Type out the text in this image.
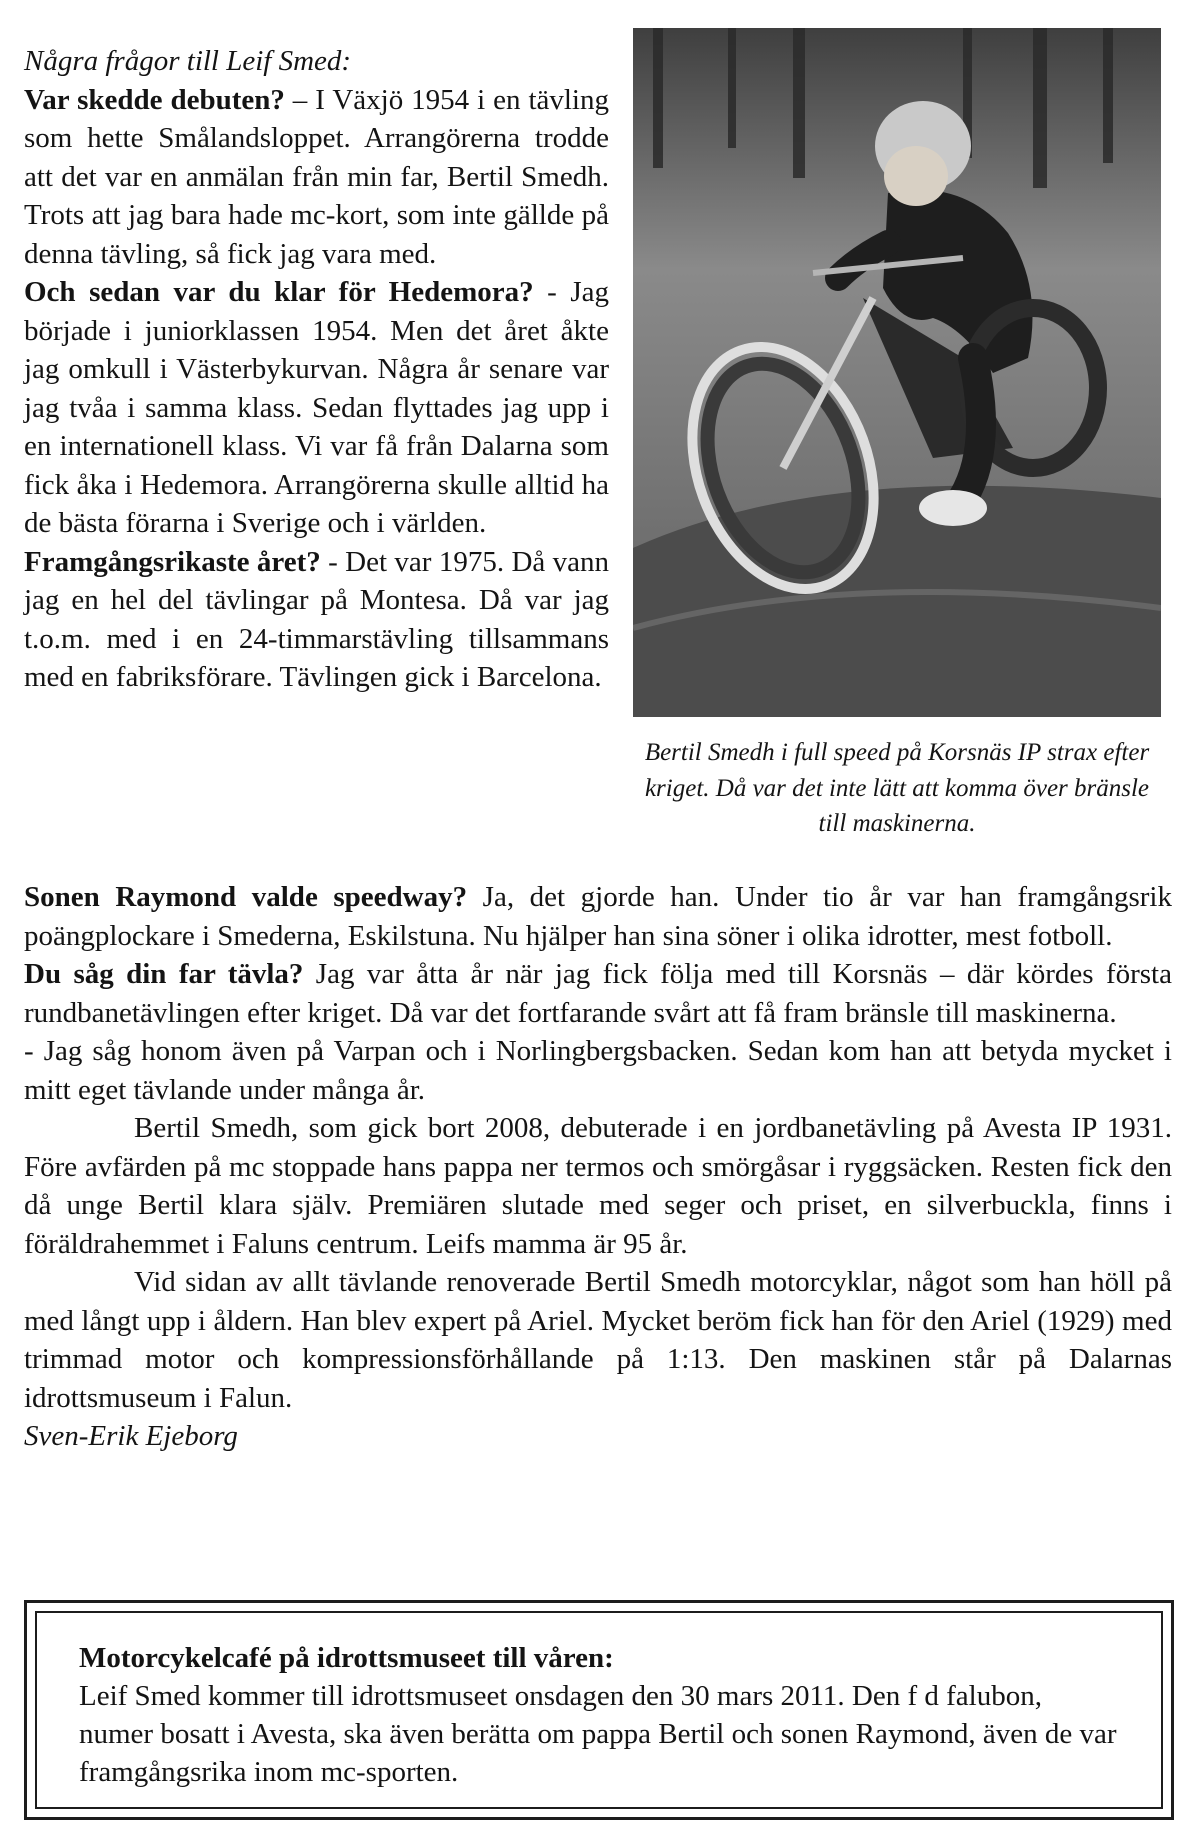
Några frågor till Leif Smed:

Var skedde debuten? – I Växjö 1954 i en tävling som hette Smålandsloppet. Arrangörerna trodde att det var en anmälan från min far, Bertil Smedh. Trots att jag bara hade mc-kort, som inte gällde på denna tävling, så fick jag vara med.

Och sedan var du klar för Hedemora? - Jag började i juniorklassen 1954. Men det året åkte jag omkull i Västerbykurvan. Några år senare var jag tvåa i samma klass. Sedan flyttades jag upp i en internationell klass. Vi var få från Dalarna som fick åka i Hedemora. Arrangörerna skulle alltid ha de bästa förarna i Sverige och i världen.

Framgångsrikaste året? - Det var 1975. Då vann jag en hel del tävlingar på Montesa. Då var jag t.o.m. med i en 24-timmarstävling tillsammans med en fabriksförare. Tävlingen gick i Barcelona.

Bertil Smedh i full speed på Korsnäs IP strax efter kriget. Då var det inte lätt att komma över bränsle till maskinerna.

Sonen Raymond valde speedway? Ja, det gjorde han. Under tio år var han framgångsrik poängplockare i Smederna, Eskilstuna. Nu hjälper han sina söner i olika idrotter, mest fotboll.

Du såg din far tävla? Jag var åtta år när jag fick följa med till Korsnäs – där kördes första rundbanetävlingen efter kriget. Då var det fortfarande svårt att få fram bränsle till maskinerna.

- Jag såg honom även på Varpan och i Norlingbergsbacken. Sedan kom han att betyda mycket i mitt eget tävlande under många år.

Bertil Smedh, som gick bort 2008, debuterade i en jordbanetävling på Avesta IP 1931. Före avfärden på mc stoppade hans pappa ner termos och smörgåsar i ryggsäcken. Resten fick den då unge Bertil klara själv. Premiären slutade med seger och priset, en silverbuckla, finns i föräldrahemmet i Faluns centrum. Leifs mamma är 95 år.

Vid sidan av allt tävlande renoverade Bertil Smedh motorcyklar, något som han höll på med långt upp i åldern. Han blev expert på Ariel. Mycket beröm fick han för den Ariel (1929) med trimmad motor och kompressionsförhållande på 1:13. Den maskinen står på Dalarnas idrottsmuseum i Falun.

Sven-Erik Ejeborg

Motorcykelcafé på idrottsmuseet till våren:

Leif Smed kommer till idrottsmuseet onsdagen den 30 mars 2011. Den f d falubon, numer bosatt i Avesta, ska även berätta om pappa Bertil och sonen Raymond, även de var framgångsrika inom mc-sporten.
